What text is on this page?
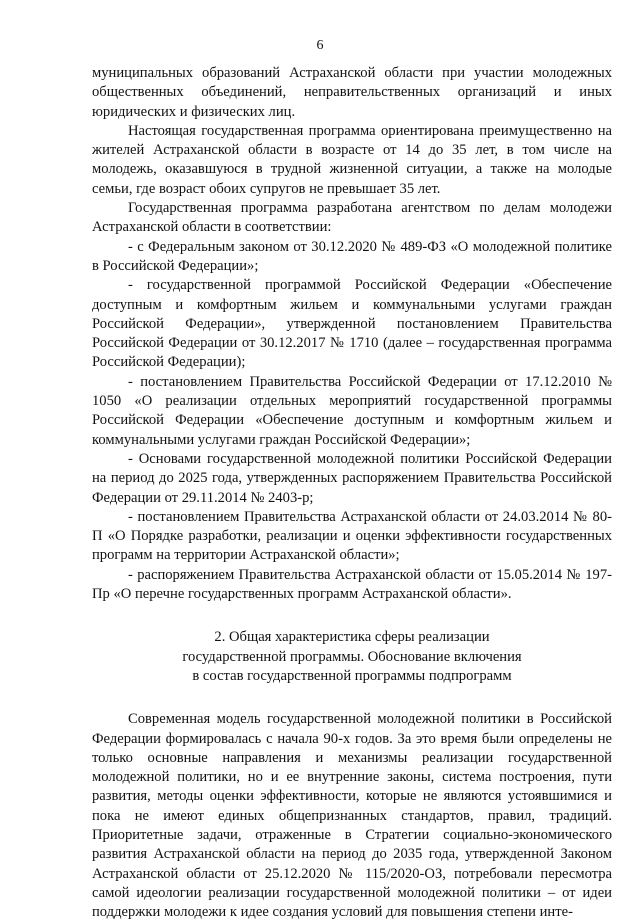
6

муниципальных образований Астраханской области при участии молодежных общественных объединений, неправительственных организаций и иных юридических и физических лиц.

Настоящая государственная программа ориентирована преимущественно на жителей Астраханской области в возрасте от 14 до 35 лет, в том числе на молодежь, оказавшуюся в трудной жизненной ситуации, а также на молодые семьи, где возраст обоих супругов не превышает 35 лет.

Государственная программа разработана агентством по делам молодежи Астраханской области в соответствии:

- с Федеральным законом от 30.12.2020 № 489-ФЗ «О молодежной политике в Российской Федерации»;

- государственной программой Российской Федерации «Обеспечение доступным и комфортным жильем и коммунальными услугами граждан Российской Федерации», утвержденной постановлением Правительства Российской Федерации от 30.12.2017 № 1710 (далее – государственная программа Российской Федерации);

- постановлением Правительства Российской Федерации от 17.12.2010 № 1050 «О реализации отдельных мероприятий государственной программы Российской Федерации «Обеспечение доступным и комфортным жильем и коммунальными услугами граждан Российской Федерации»;

- Основами государственной молодежной политики Российской Федерации на период до 2025 года, утвержденных распоряжением Правительства Российской Федерации от 29.11.2014 № 2403-р;

- постановлением Правительства Астраханской области от 24.03.2014 № 80-П «О Порядке разработки, реализации и оценки эффективности государственных программ на территории Астраханской области»;

- распоряжением Правительства Астраханской области от 15.05.2014 № 197-Пр «О перечне государственных программ Астраханской области».

2. Общая характеристика сферы реализации
государственной программы. Обоснование включения
в состав государственной программы подпрограмм

Современная модель государственной молодежной политики в Российской Федерации формировалась с начала 90-х годов. За это время были определены не только основные направления и механизмы реализации государственной молодежной политики, но и ее внутренние законы, система построения, пути развития, методы оценки эффективности, которые не являются устоявшимися и пока не имеют единых общепризнанных стандартов, правил, традиций. Приоритетные задачи, отраженные в Стратегии социально-экономического развития Астраханской области на период до 2035 года, утвержденной Законом Астраханской области от 25.12.2020 № 115/2020-ОЗ, потребовали пересмотра самой идеологии реализации государственной молодежной политики – от идеи поддержки молодежи к идее создания условий для повышения степени инте-
